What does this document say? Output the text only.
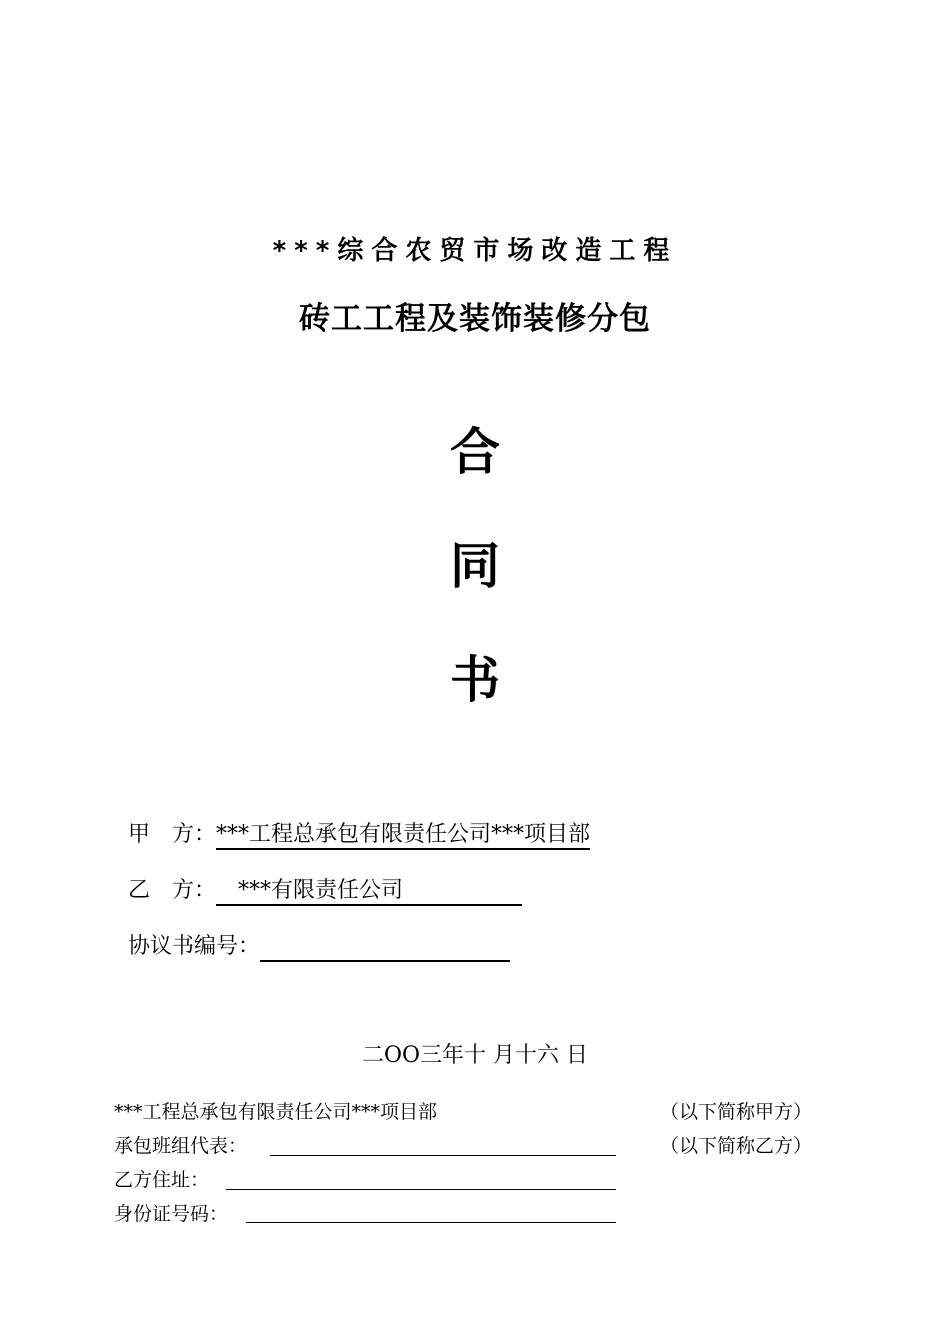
***综合农贸市场改造工程
砖工工程及装饰装修分包
合
同
书
甲　方：***工程总承包有限责任公司***项目部
乙　方：　***有限责任公司
协议书编号：
二OO三年十 月十六 日
***工程总承包有限责任公司***项目部	（以下简称甲方）
承包班组代表：	（以下简称乙方）
乙方住址：
身份证号码：
